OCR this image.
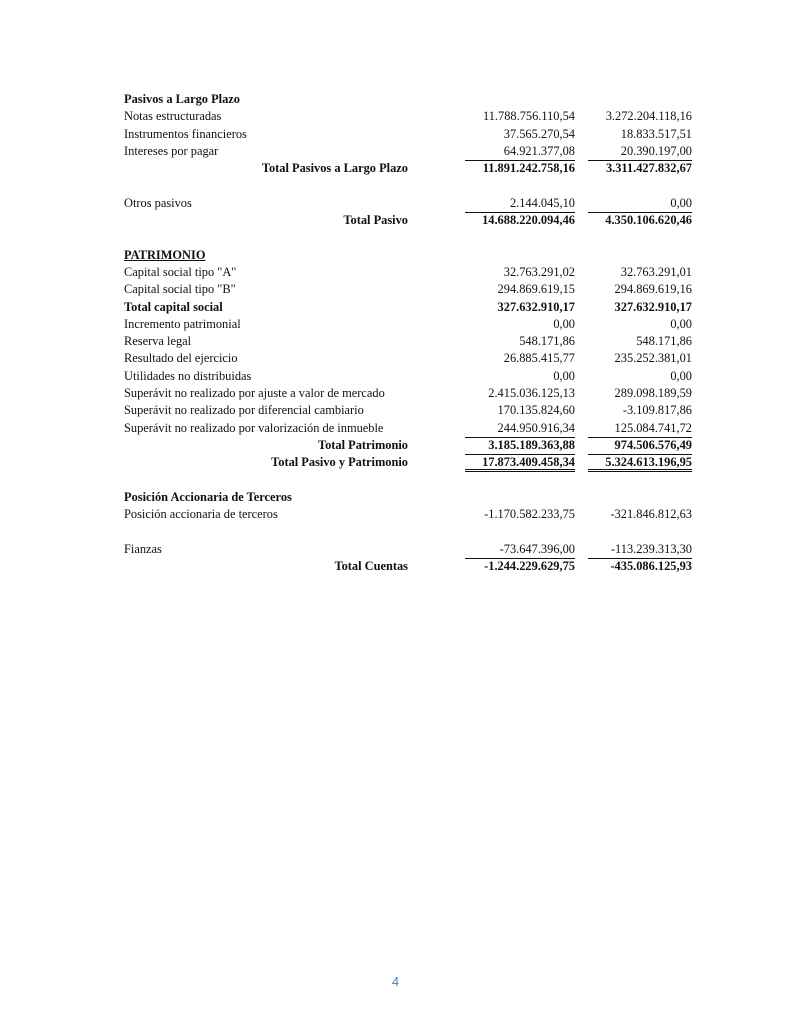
Pasivos a Largo Plazo
Notas estructuradas	11.788.756.110,54	3.272.204.118,16
Instrumentos financieros	37.565.270,54	18.833.517,51
Intereses por pagar	64.921.377,08	20.390.197,00
Total Pasivos a Largo Plazo	11.891.242.758,16	3.311.427.832,67
Otros pasivos	2.144.045,10	0,00
Total Pasivo	14.688.220.094,46	4.350.106.620,46
PATRIMONIO
Capital social tipo "A"	32.763.291,02	32.763.291,01
Capital social tipo "B"	294.869.619,15	294.869.619,16
Total capital social	327.632.910,17	327.632.910,17
Incremento patrimonial	0,00	0,00
Reserva legal	548.171,86	548.171,86
Resultado del ejercicio	26.885.415,77	235.252.381,01
Utilidades no distribuidas	0,00	0,00
Superávit no realizado por ajuste a valor de mercado	2.415.036.125,13	289.098.189,59
Superávit no realizado por diferencial cambiario	170.135.824,60	-3.109.817,86
Superávit no realizado por valorización de inmueble	244.950.916,34	125.084.741,72
Total Patrimonio	3.185.189.363,88	974.506.576,49
Total Pasivo y Patrimonio	17.873.409.458,34	5.324.613.196,95
Posición Accionaria de Terceros
Posición accionaria de terceros	-1.170.582.233,75	-321.846.812,63
Fianzas	-73.647.396,00	-113.239.313,30
Total Cuentas	-1.244.229.629,75	-435.086.125,93
4
